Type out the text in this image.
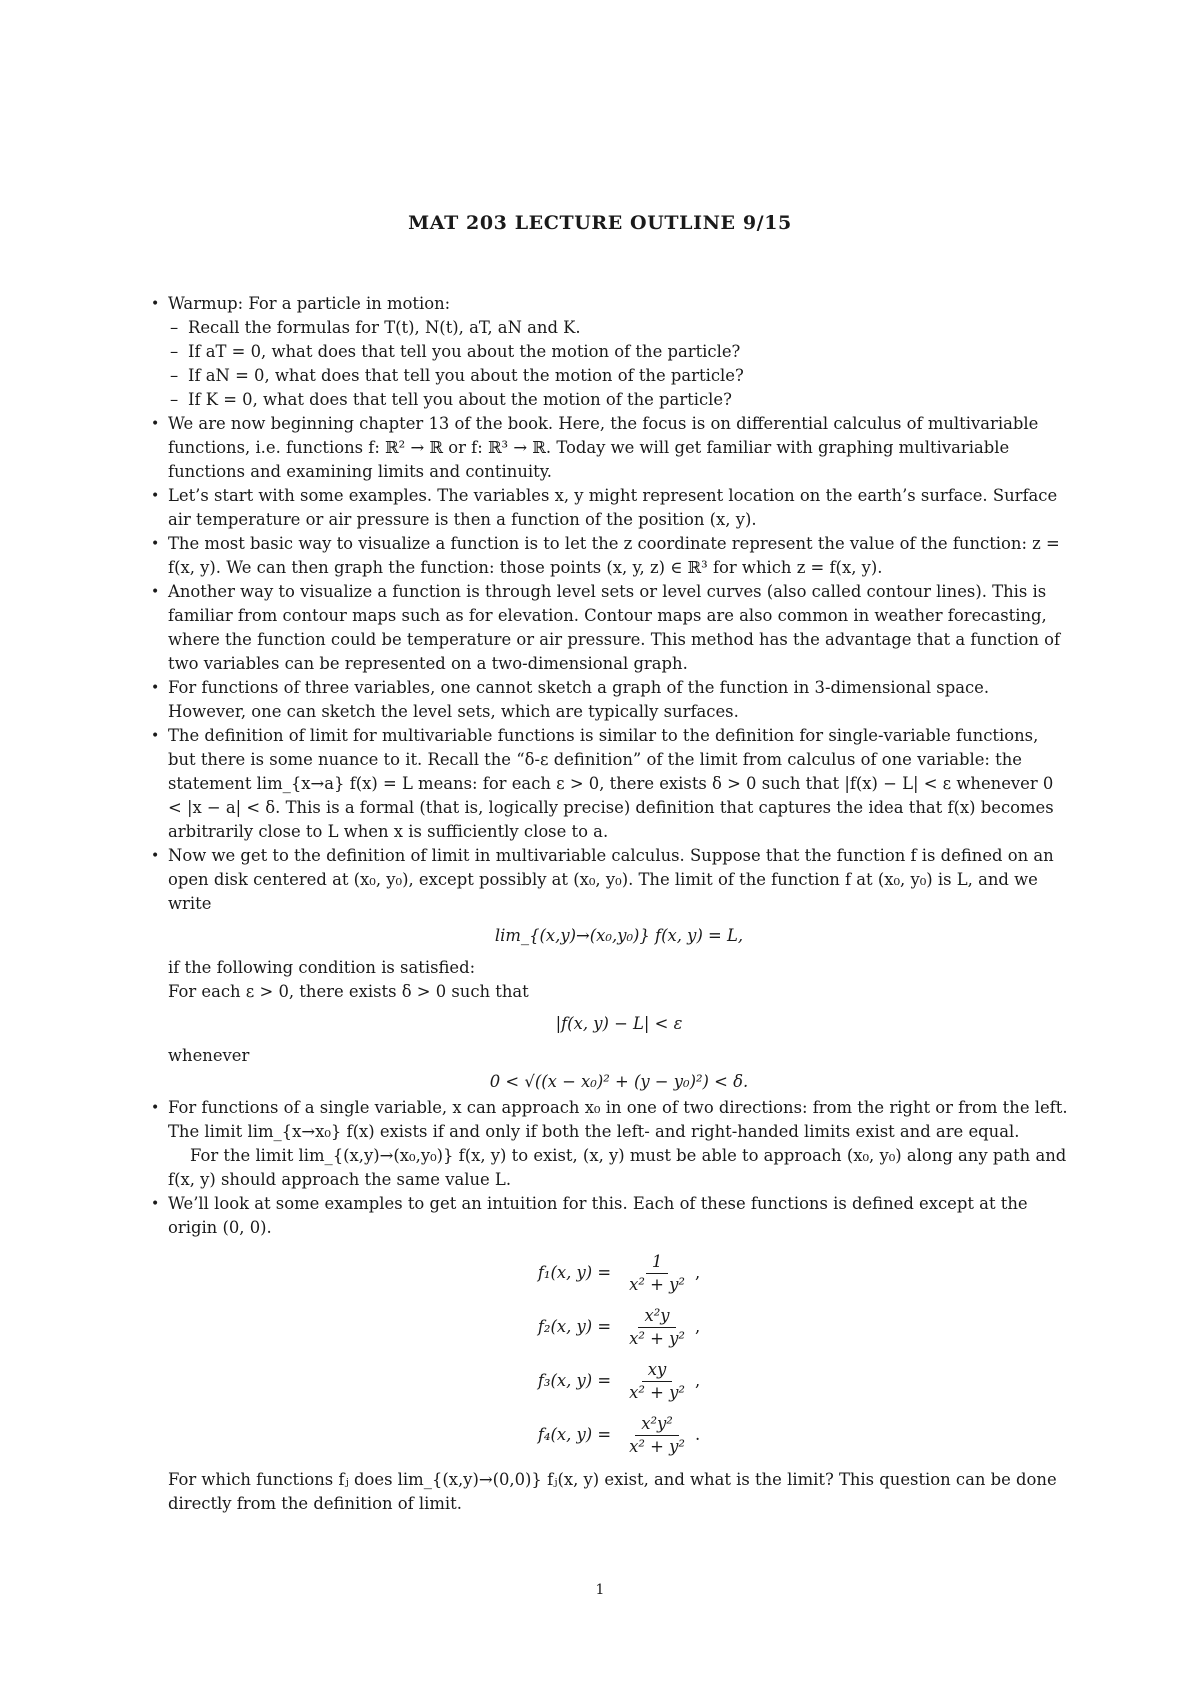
MAT 203 LECTURE OUTLINE 9/15
• Warmup: For a particle in motion:
– Recall the formulas for T(t), N(t), aT, aN and K.
– If aT = 0, what does that tell you about the motion of the particle?
– If aN = 0, what does that tell you about the motion of the particle?
– If K = 0, what does that tell you about the motion of the particle?
• We are now beginning chapter 13 of the book. Here, the focus is on differential calculus of multivariable functions, i.e. functions f: ℝ² → ℝ or f: ℝ³ → ℝ. Today we will get familiar with graphing multivariable functions and examining limits and continuity.
• Let’s start with some examples. The variables x, y might represent location on the earth’s surface. Surface air temperature or air pressure is then a function of the position (x, y).
• The most basic way to visualize a function is to let the z coordinate represent the value of the function: z = f(x, y). We can then graph the function: those points (x, y, z) ∈ ℝ³ for which z = f(x, y).
• Another way to visualize a function is through level sets or level curves (also called contour lines). This is familiar from contour maps such as for elevation. Contour maps are also common in weather forecasting, where the function could be temperature or air pressure. This method has the advantage that a function of two variables can be represented on a two-dimensional graph.
• For functions of three variables, one cannot sketch a graph of the function in 3-dimensional space. However, one can sketch the level sets, which are typically surfaces.
• The definition of limit for multivariable functions is similar to the definition for single-variable functions, but there is some nuance to it. Recall the “δ-ε definition” of the limit from calculus of one variable: the statement lim_{x→a} f(x) = L means: for each ε > 0, there exists δ > 0 such that |f(x) − L| < ε whenever 0 < |x − a| < δ. This is a formal (that is, logically precise) definition that captures the idea that f(x) becomes arbitrarily close to L when x is sufficiently close to a.
• Now we get to the definition of limit in multivariable calculus. Suppose that the function f is defined on an open disk centered at (x₀, y₀), except possibly at (x₀, y₀). The limit of the function f at (x₀, y₀) is L, and we write
lim_{(x,y)→(x₀,y₀)} f(x, y) = L,

if the following condition is satisfied:

For each ε > 0, there exists δ > 0 such that

|f(x, y) − L| < ε

whenever

0 < √((x − x₀)² + (y − y₀)²) < δ.
• For functions of a single variable, x can approach x₀ in one of two directions: from the right or from the left. The limit lim_{x→x₀} f(x) exists if and only if both the left- and right-handed limits exist and are equal.

For the limit lim_{(x,y)→(x₀,y₀)} f(x, y) to exist, (x, y) must be able to approach (x₀, y₀) along any path and f(x, y) should approach the same value L.

• We’ll look at some examples to get an intuition for this. Each of these functions is defined except at the origin (0, 0).
f₁(x, $y) = \frac{1}{\text{x² + y²}}$ ,
f₂(x, $y) = \frac{\text{x²y}}{\text{x² + y²}}$ ,
f₃(x, $y) = \frac{xy}{\text{x² + y²}}$ ,
f₄(x, $y) = \frac{\text{x²y²}}{\text{x² + y²}}$ .

For which functions fⱼ does lim_{(x,y)→(0,0)} fⱼ(x, y) exist, and what is the limit? This question can be done directly from the definition of limit.

1
